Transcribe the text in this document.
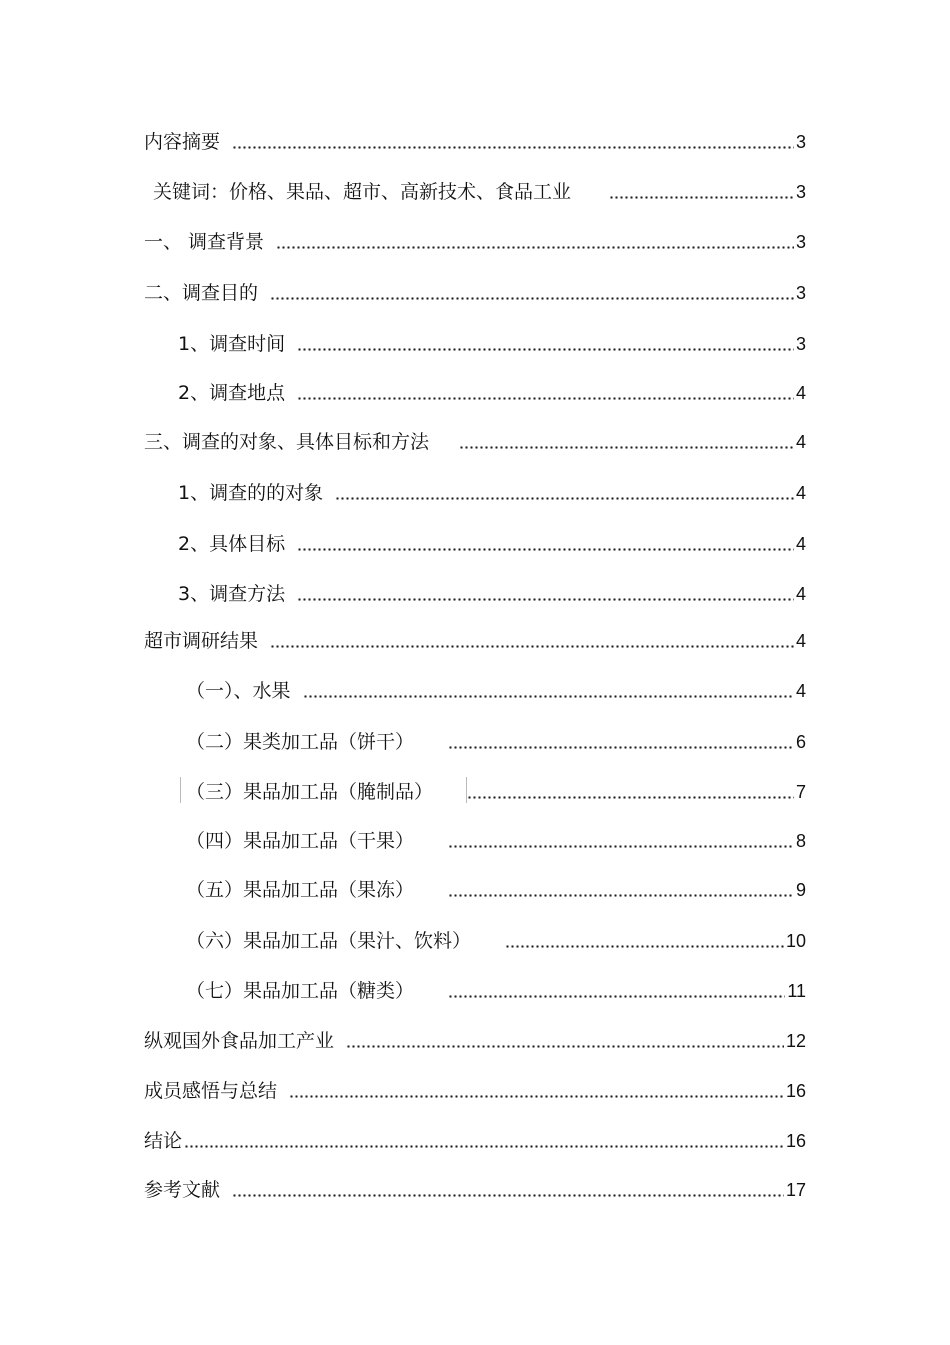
内容摘要	3
关键词：价格、果品、超市、高新技术、食品工业	3
一、 调查背景	3
二、调查目的	3
1、调查时间	3
2、调查地点	4
三、调查的对象、具体目标和方法	4
1、调查的的对象	4
2、具体目标	4
3、调查方法	4
超市调研结果	4
（一）、水果	4
（二）果类加工品（饼干）	6
（三）果品加工品（腌制品）	7
（四）果品加工品（干果）	8
（五）果品加工品（果冻）	9
（六）果品加工品（果汁、饮料）	10
（七）果品加工品（糖类）	11
纵观国外食品加工产业	12
成员感悟与总结	16
结论	16
参考文献	17
